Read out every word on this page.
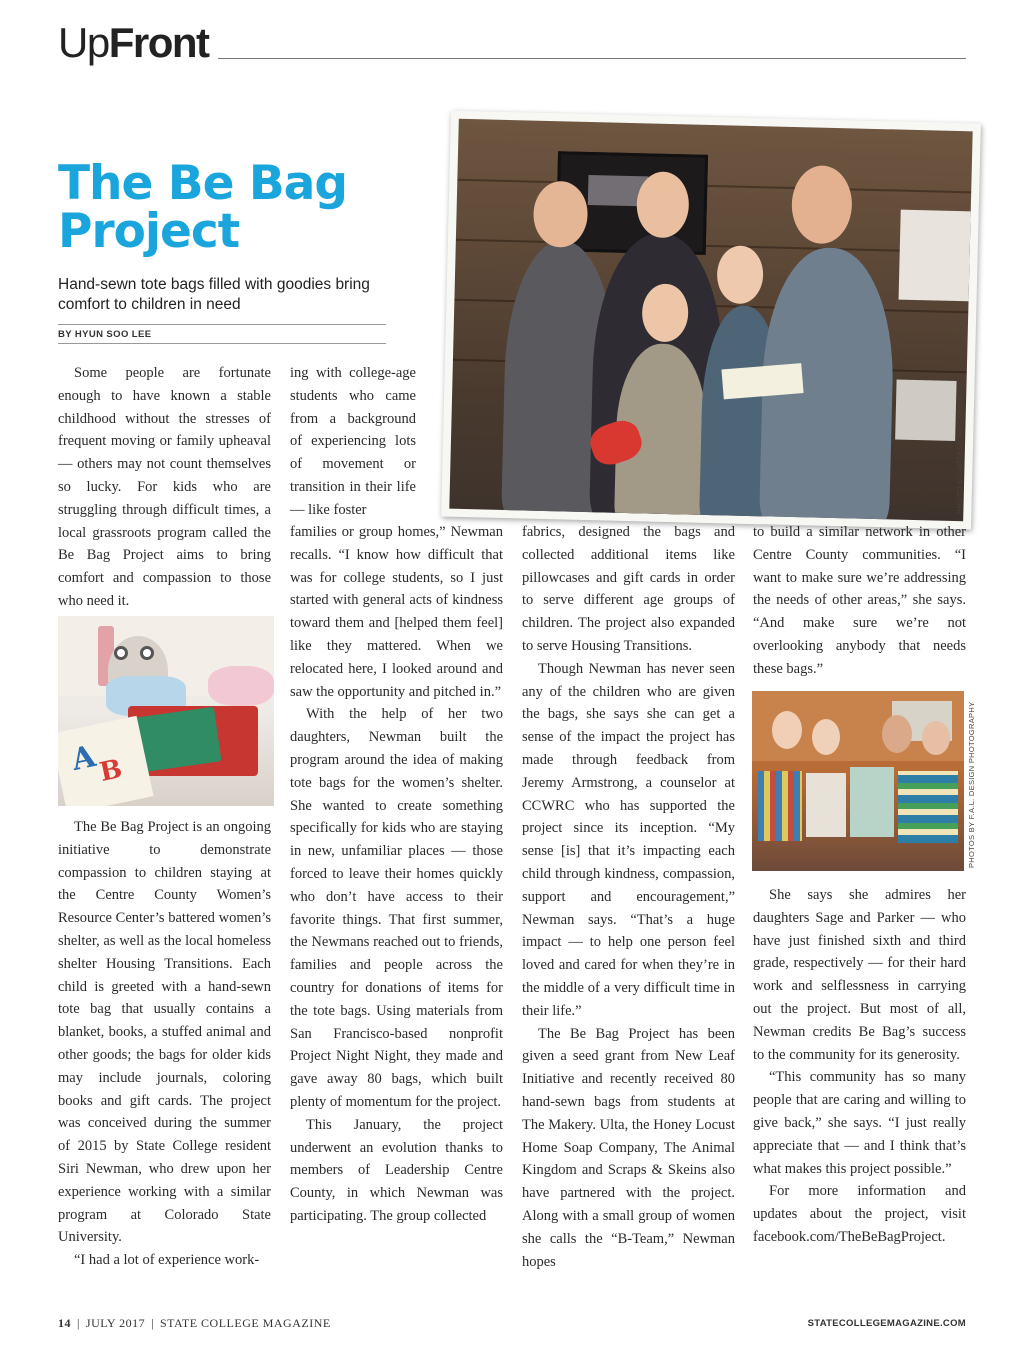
UpFront
The Be Bag Project
Hand-sewn tote bags filled with goodies bring comfort to children in need
BY HYUN SOO LEE
PHOTO COURTESY SIRI NEWMAN

Some people are fortunate enough to have known a stable childhood without the stresses of frequent moving or family upheaval — others may not count themselves so lucky. For kids who are struggling through difficult times, a local grassroots program called the Be Bag Project aims to bring comfort and compassion to those who need it.

A
B

The Be Bag Project is an ongoing initiative to demonstrate compassion to children staying at the Centre County Women’s Resource Center’s battered women’s shelter, as well as the local homeless shelter Housing Transitions. Each child is greeted with a hand-sewn tote bag that usually contains a blanket, books, a stuffed animal and other goods; the bags for older kids may include journals, coloring books and gift cards. The project was conceived during the summer of 2015 by State College resident Siri Newman, who drew upon her experience working with a similar program at Colorado State University.

“I had a lot of experience work-

ing with college-age students who came from a background of experiencing lots of movement or transition in their life — like foster

families or group homes,” Newman recalls. “I know how difficult that was for college students, so I just started with general acts of kindness toward them and [helped them feel] like they mattered. When we relocated here, I looked around and saw the opportunity and pitched in.”

With the help of her two daughters, Newman built the program around the idea of making tote bags for the women’s shelter. She wanted to create something specifically for kids who are staying in new, unfamiliar places — those forced to leave their homes quickly who don’t have access to their favorite things. That first summer, the Newmans reached out to friends, families and people across the country for donations of items for the tote bags. Using materials from San Francisco-based nonprofit Project Night Night, they made and gave away 80 bags, which built plenty of momentum for the project.

This January, the project underwent an evolution thanks to members of Leadership Centre County, in which Newman was participating. The group collected

fabrics, designed the bags and collected additional items like pillowcases and gift cards in order to serve different age groups of children. The project also expanded to serve Housing Transitions.

Though Newman has never seen any of the children who are given the bags, she says she can get a sense of the impact the project has made through feedback from Jeremy Armstrong, a counselor at CCWRC who has supported the project since its inception. “My sense [is] that it’s impacting each child through kindness, compassion, support and encouragement,” Newman says. “That’s a huge impact — to help one person feel loved and cared for when they’re in the middle of a very difficult time in their life.”

The Be Bag Project has been given a seed grant from New Leaf Initiative and recently received 80 hand-sewn bags from students at The Makery. Ulta, the Honey Locust Home Soap Company, The Animal Kingdom and Scraps & Skeins also have partnered with the project. Along with a small group of women she calls the “B-Team,” Newman hopes

to build a similar network in other Centre County communities. “I want to make sure we’re addressing the needs of other areas,” she says. “And make sure we’re not overlooking anybody that needs these bags.”

PHOTOS BY F.A.L. DESIGN PHOTOGRAPHY

She says she admires her daughters Sage and Parker — who have just finished sixth and third grade, respectively — for their hard work and selflessness in carrying out the project. But most of all, Newman credits Be Bag’s success to the community for its generosity.

“This community has so many people that are caring and willing to give back,” she says. “I just really appreciate that — and I think that’s what makes this project possible.”

For more information and updates about the project, visit facebook.com/TheBeBagProject.

14 | JULY 2017 | STATE COLLEGE MAGAZINE	STATECOLLEGEMAGAZINE.COM
